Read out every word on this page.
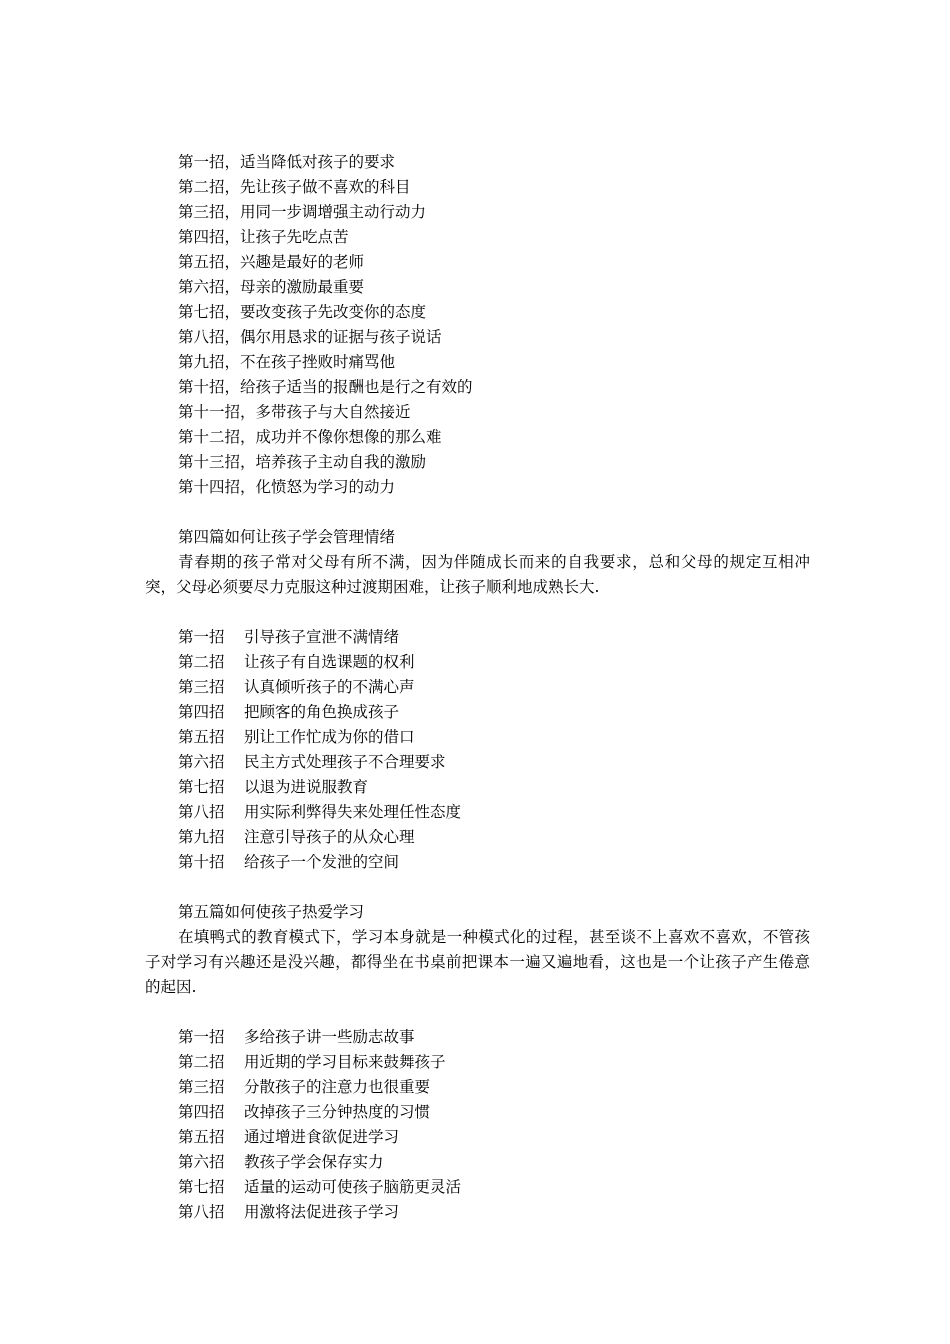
第一招，适当降低对孩子的要求
第二招，先让孩子做不喜欢的科目
第三招，用同一步调增强主动行动力
第四招，让孩子先吃点苦
第五招，兴趣是最好的老师
第六招，母亲的激励最重要
第七招，要改变孩子先改变你的态度
第八招，偶尔用恳求的证据与孩子说话
第九招，不在孩子挫败时痛骂他
第十招，给孩子适当的报酬也是行之有效的
第十一招，多带孩子与大自然接近
第十二招，成功并不像你想像的那么难
第十三招，培养孩子主动自我的激励
第十四招，化愤怒为学习的动力
第四篇如何让孩子学会管理情绪

青春期的孩子常对父母有所不满，因为伴随成长而来的自我要求，总和父母的规定互相冲突，父母必须要尽力克服这种过渡期困难，让孩子顺利地成熟长大.

第一招 引导孩子宣泄不满情绪
第二招 让孩子有自选课题的权利
第三招 认真倾听孩子的不满心声
第四招 把顾客的角色换成孩子
第五招 别让工作忙成为你的借口
第六招 民主方式处理孩子不合理要求
第七招 以退为进说服教育
第八招 用实际利弊得失来处理任性态度
第九招 注意引导孩子的从众心理
第十招 给孩子一个发泄的空间
第五篇如何使孩子热爱学习

在填鸭式的教育模式下，学习本身就是一种模式化的过程，甚至谈不上喜欢不喜欢，不管孩子对学习有兴趣还是没兴趣，都得坐在书桌前把课本一遍又遍地看，这也是一个让孩子产生倦意的起因.

第一招 多给孩子讲一些励志故事
第二招 用近期的学习目标来鼓舞孩子
第三招 分散孩子的注意力也很重要
第四招 改掉孩子三分钟热度的习惯
第五招 通过增进食欲促进学习
第六招 教孩子学会保存实力
第七招 适量的运动可使孩子脑筋更灵活
第八招 用激将法促进孩子学习
